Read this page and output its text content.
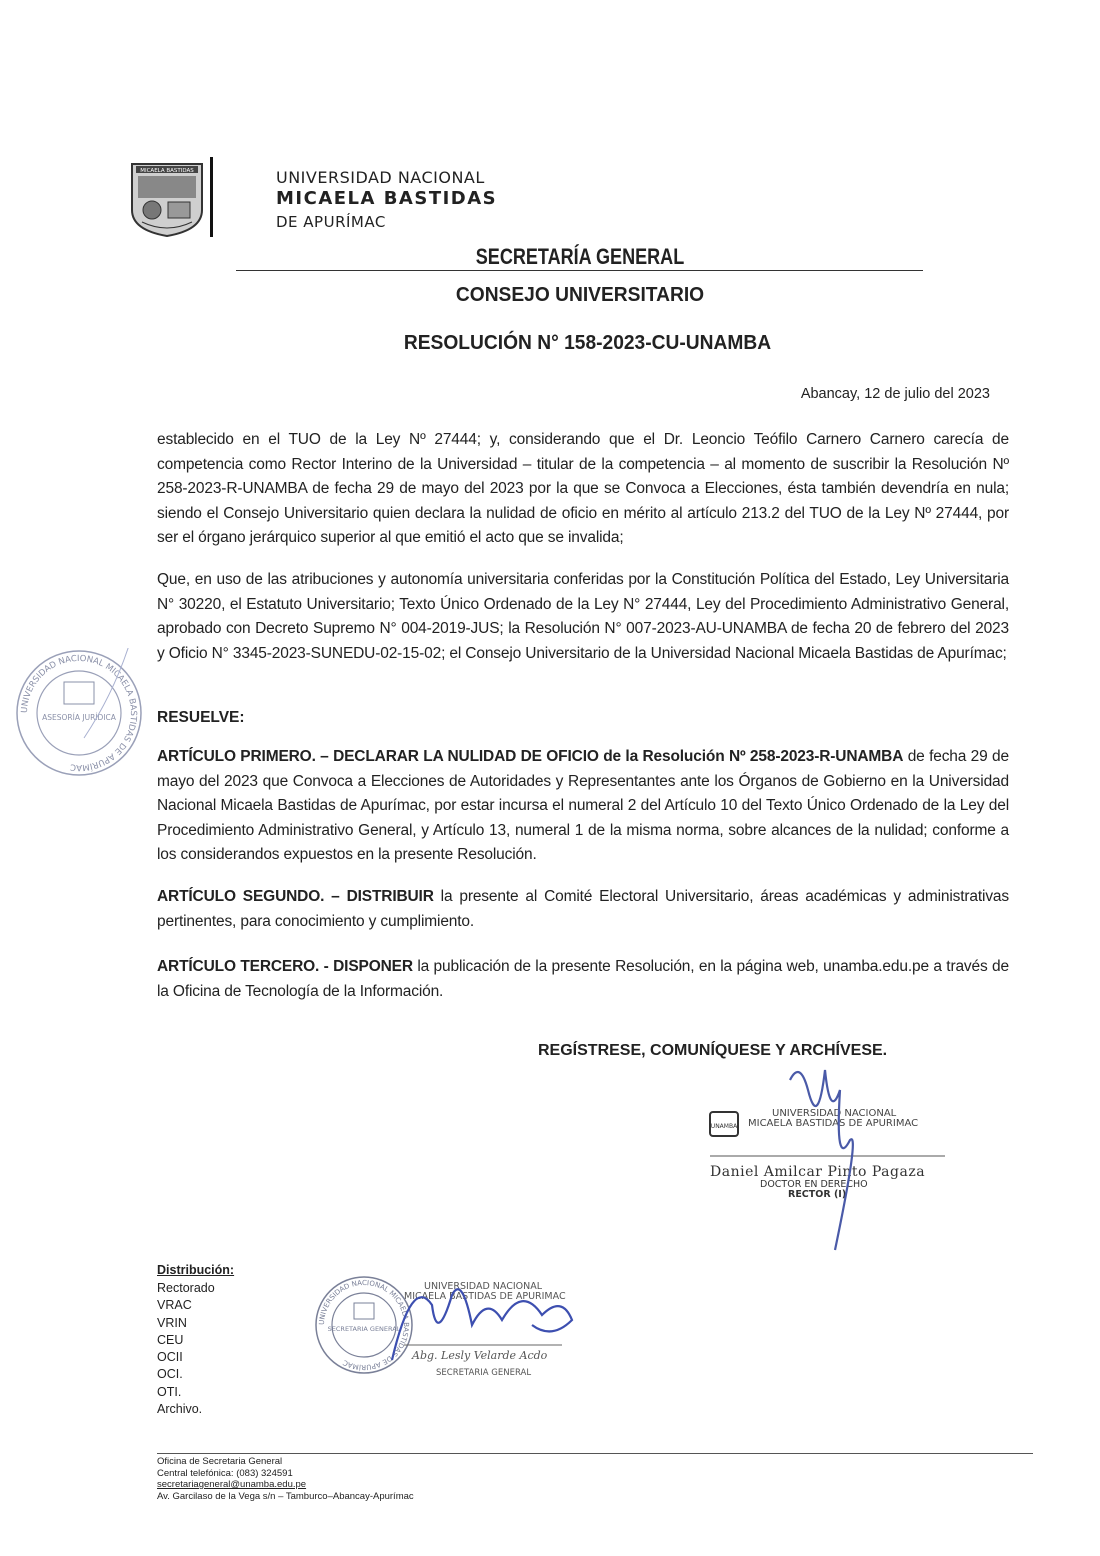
MICAELA BASTIDAS	UNIVERSIDAD NACIONAL
MICAELA BASTIDAS
DE APURÍMAC
SECRETARÍA GENERAL
CONSEJO UNIVERSITARIO
RESOLUCIÓN N° 158-2023-CU-UNAMBA
Abancay, 12 de julio del 2023
establecido en el TUO de la Ley Nº 27444; y, considerando que el Dr. Leoncio Teófilo Carnero Carnero carecía de competencia como Rector Interino de la Universidad – titular de la competencia – al momento de suscribir la Resolución Nº 258-2023-R-UNAMBA de fecha 29 de mayo del 2023 por la que se Convoca a Elecciones, ésta también devendría en nula; siendo el Consejo Universitario quien declara la nulidad de oficio en mérito al artículo 213.2 del TUO de la Ley Nº 27444, por ser el órgano jerárquico superior al que emitió el acto que se invalida;
Que, en uso de las atribuciones y autonomía universitaria conferidas por la Constitución Política del Estado, Ley Universitaria N° 30220, el Estatuto Universitario; Texto Único Ordenado de la Ley N° 27444, Ley del Procedimiento Administrativo General, aprobado con Decreto Supremo N° 004-2019-JUS; la Resolución N° 007-2023-AU-UNAMBA de fecha 20 de febrero del 2023 y Oficio N° 3345-2023-SUNEDU-02-15-02; el Consejo Universitario de la Universidad Nacional Micaela Bastidas de Apurímac;
RESUELVE:
ARTÍCULO PRIMERO. – DECLARAR LA NULIDAD DE OFICIO de la Resolución Nº 258-2023-R-UNAMBA de fecha 29 de mayo del 2023 que Convoca a Elecciones de Autoridades y Representantes ante los Órganos de Gobierno en la Universidad Nacional Micaela Bastidas de Apurímac, por estar incursa el numeral 2 del Artículo 10 del Texto Único Ordenado de la Ley del Procedimiento Administrativo General, y Artículo 13, numeral 1 de la misma norma, sobre alcances de la nulidad; conforme a los considerandos expuestos en la presente Resolución.
ARTÍCULO SEGUNDO. – DISTRIBUIR la presente al Comité Electoral Universitario, áreas académicas y administrativas pertinentes, para conocimiento y cumplimiento.
ARTÍCULO TERCERO. - DISPONER la publicación de la presente Resolución, en la página web, unamba.edu.pe a través de la Oficina de Tecnología de la Información.
REGÍSTRESE, COMUNÍQUESE Y ARCHÍVESE.
UNIVERSIDAD NACIONAL MICAELA BASTIDAS DE APURÍMAC
ASESORÍA JURÍDICA
UNAMBA
UNIVERSIDAD NACIONAL
MICAELA BASTIDAS DE APURIMAC
Daniel Amilcar Pinto Pagaza
DOCTOR EN DERECHO
RECTOR (I)
UNIVERSIDAD NACIONAL MICAELA BASTIDAS DE APURÍMAC
SECRETARIA GENERAL
UNIVERSIDAD NACIONAL
MICAELA BASTIDAS DE APURIMAC
Abg. Lesly Velarde Acdo
SECRETARIA GENERAL
Distribución:
Rectorado
VRAC
VRIN
CEU
OCII
OCI.
OTI.
Archivo.
Oficina de Secretaria General
Central telefónica: (083) 324591
secretariageneral@unamba.edu.pe
Av. Garcilaso de la Vega s/n – Tamburco–Abancay-Apurímac
